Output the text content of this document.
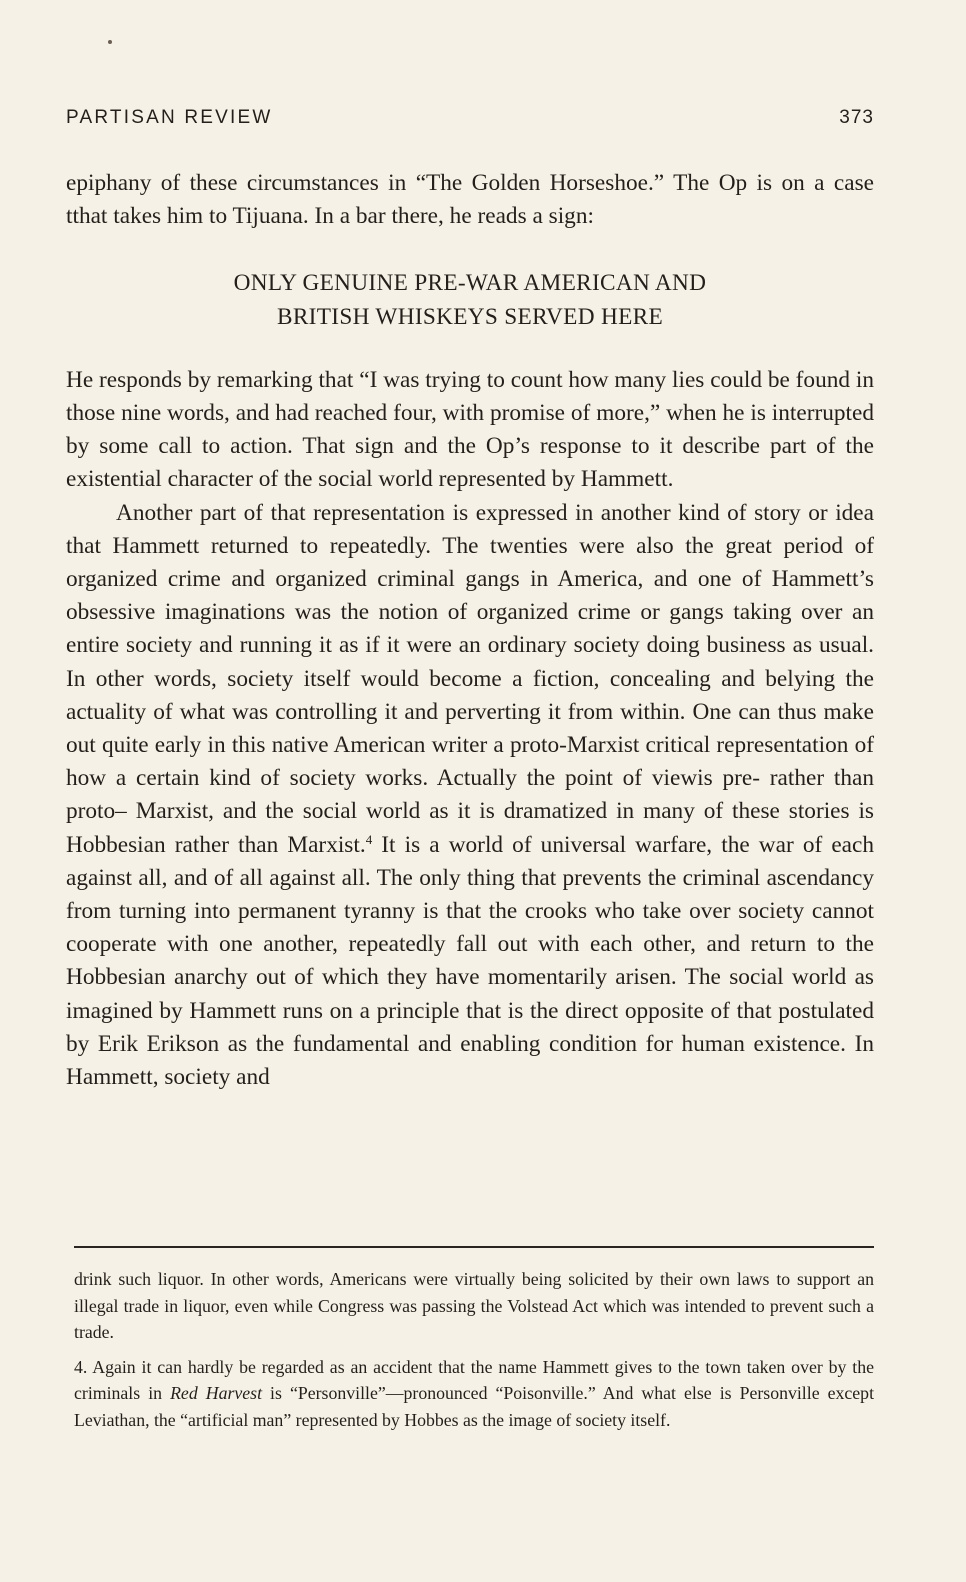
PARTISAN REVIEW	373

epiphany of these circumstances in “The Golden Horseshoe.” The Op is on a case tthat takes him to Tijuana. In a bar there, he reads a sign:

ONLY GENUINE PRE-WAR AMERICAN AND
BRITISH WHISKEYS SERVED HERE

He responds by remarking that “I was trying to count how many lies could be found in those nine words, and had reached four, with promise of more,” when he is interrupted by some call to action. That sign and the Op’s response to it describe part of the existential character of the social world represented by Hammett.

Another part of that representation is expressed in another kind of story or idea that Hammett returned to repeatedly. The twenties were also the great period of organized crime and organized criminal gangs in America, and one of Hammett’s obsessive imaginations was the notion of organized crime or gangs taking over an entire society and running it as if it were an ordinary society doing business as usual. In other words, society itself would become a fiction, concealing and belying the actuality of what was controlling it and perverting it from within. One can thus make out quite early in this native American writer a proto-Marxist critical representation of how a certain kind of society works. Actually the point of viewis pre- rather than proto– Marxist, and the social world as it is dramatized in many of these stories is Hobbesian rather than Marxist.$^4$ It is a world of universal warfare, the war of each against all, and of all against all. The only thing that prevents the criminal ascendancy from turning into permanent tyranny is that the crooks who take over society cannot cooperate with one another, repeatedly fall out with each other, and return to the Hobbesian anarchy out of which they have momentarily arisen. The social world as imagined by Hammett runs on a principle that is the direct opposite of that postulated by Erik Erikson as the fundamental and enabling condition for human existence. In Hammett, society and

drink such liquor. In other words, Americans were virtually being solicited by their own laws to support an illegal trade in liquor, even while Congress was passing the Volstead Act which was intended to prevent such a trade.

4. Again it can hardly be regarded as an accident that the name Hammett gives to the town taken over by the criminals in Red Harvest is “Personville”—pronounced “Poisonville.” And what else is Personville except Leviathan, the “artificial man” represented by Hobbes as the image of society itself.
